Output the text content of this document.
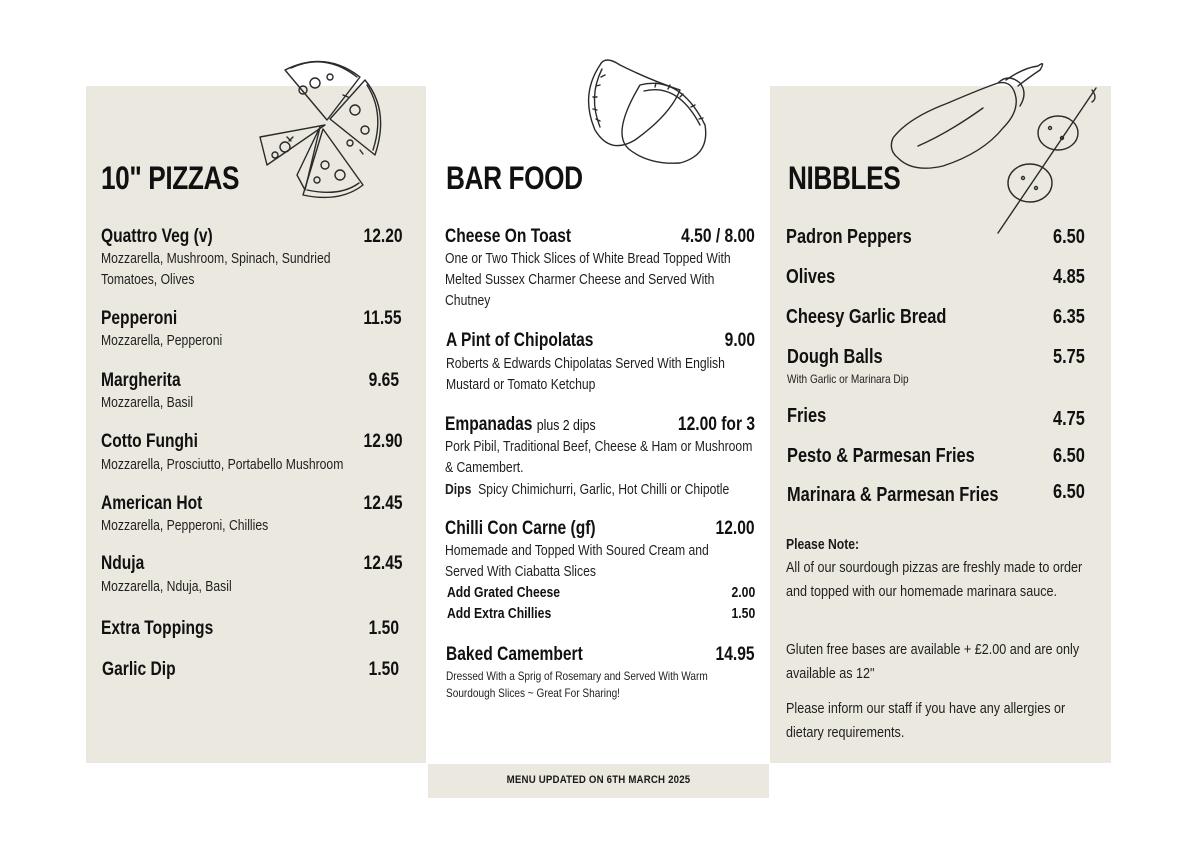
MENU UPDATED ON 6TH MARCH 2025
10" PIZZAS
Quattro Veg (v)	12.20
Mozzarella, Mushroom, Spinach, Sundried Tomatoes, Olives
Pepperoni	11.55
Mozzarella, Pepperoni
Margherita	9.65
Mozzarella, Basil
Cotto Funghi	12.90
Mozzarella, Prosciutto, Portabello Mushroom
American Hot	12.45
Mozzarella, Pepperoni, Chillies
Nduja	12.45
Mozzarella, Nduja, Basil
Extra Toppings	1.50
Garlic Dip	1.50
BAR FOOD
Cheese On Toast	4.50 / 8.00
One or Two Thick Slices of White Bread Topped With Melted Sussex Charmer Cheese and Served With Chutney
A Pint of Chipolatas	9.00
Roberts & Edwards Chipolatas Served With English Mustard or Tomato Ketchup
Empanadas plus 2 dips	12.00 for 3
Pork Pibil, Traditional Beef, Cheese & Ham or Mushroom & Camembert.
Dips Spicy Chimichurri, Garlic, Hot Chilli or Chipotle
Chilli Con Carne (gf)	12.00
Homemade and Topped With Soured Cream and Served With Ciabatta Slices
Add Grated Cheese	2.00
Add Extra Chillies	1.50
Baked Camembert	14.95
Dressed With a Sprig of Rosemary and Served With Warm Sourdough Slices ~ Great For Sharing!
NIBBLES
Padron Peppers	6.50
Olives	4.85
Cheesy Garlic Bread	6.35
Dough Balls	5.75
With Garlic or Marinara Dip
Fries	4.75
Pesto & Parmesan Fries	6.50
Marinara & Parmesan Fries	6.50
Please Note:
All of our sourdough pizzas are freshly made to order and topped with our homemade marinara sauce.
Gluten free bases are available + £2.00 and are only available as 12"
Please inform our staff if you have any allergies or dietary requirements.
